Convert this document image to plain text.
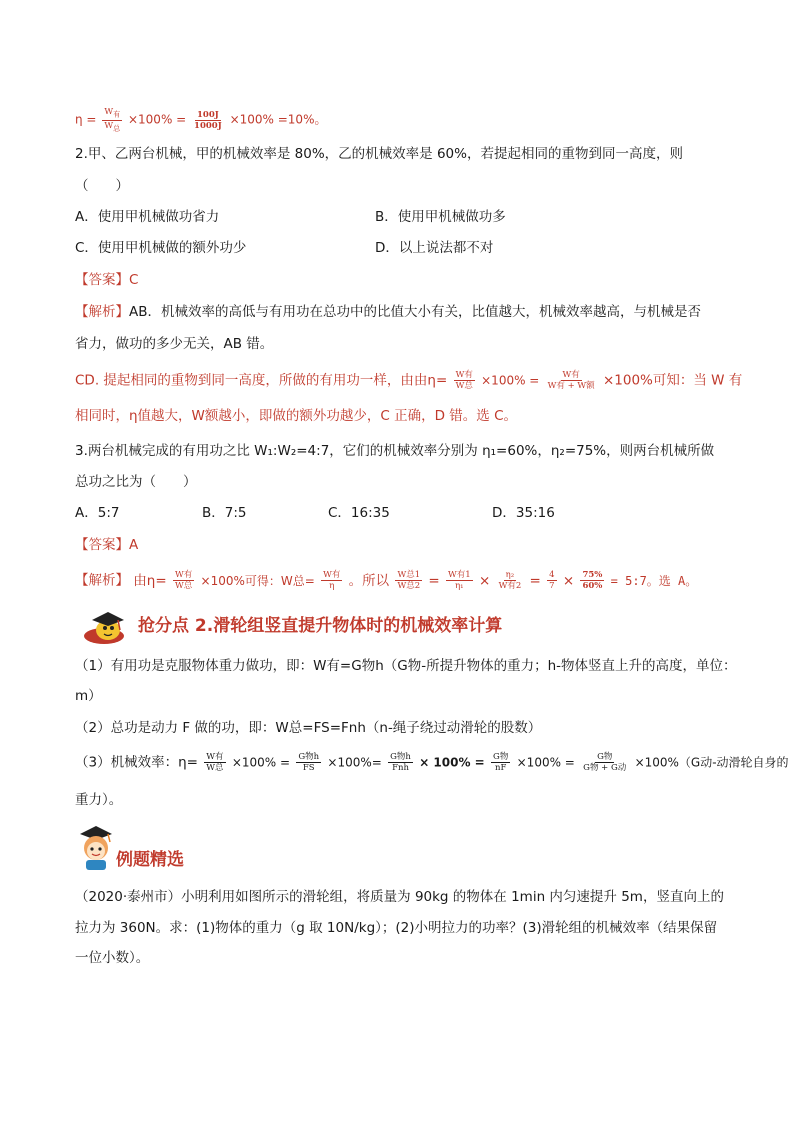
$\eta = \frac{W_有}{W_总} \times 100\% = \frac{100J}{1000J} \times 100\% =10\%$。
2.甲、乙两台机械，甲的机械效率是 80%，乙的机械效率是 60%，若提起相同的重物到同一高度，则
（　　）
A．使用甲机械做功省力	B．使用甲机械做功多
C．使用甲机械做的额外功少	D．以上说法都不对
【答案】C
【解析】AB．机械效率的高低与有用功在总功中的比值大小有关，比值越大，机械效率越高，与机械是否
省力，做功的多少无关，AB 错。
CD. 提起相同的重物到同一高度，所做的有用功一样，由由$\eta= \frac{\text{W有}}{\text{W总}} \times 100\% = \frac{\text{W有}}{\text{W有 + W额}} \times 100\%$可知：当 W 有
相同时，η值越大，W额越小，即做的额外功越少，C 正确，D 错。选 C。
3.两台机械完成的有用功之比 W₁:W₂=4:7，它们的机械效率分别为 η₁=60%，η₂=75%，则两台机械所做
总功之比为（　　）
A．5:7	B．7:5	C．16:35	D．35:16
【答案】A
【解析】 由$\eta= \frac{\text{W有}}{\text{W总}} \times 100\%$可得：W总= $\frac{\text{W有}}{\eta}$ 。所以 $\frac{\text{W总1}}{\text{W总2}} = \frac{\text{W有1}}{\text{η₁}} \times \frac{\text{η₂}}{\text{W有2}} = \frac{4}{7} \times \frac{75\%}{60\%}$ = 5:7。选 A。
抢分点 2.滑轮组竖直提升物体时的机械效率计算
（1）有用功是克服物体重力做功，即：W有=G物h（G物-所提升物体的重力；h-物体竖直上升的高度，单位：
m）
（2）总功是动力 F 做的功，即：W总=FS=Fnh（n-绳子绕过动滑轮的股数）
（3）机械效率：$\eta= \frac{\text{W有}}{\text{W总}} \times 100\% = \frac{\text{G物h}}{FS} \times 100\%= \frac{\text{G物h}}{\text{Fnh}} \times 100\% = \frac{\text{G物}}{nF} \times 100\% = \frac{\text{G物}}{\text{G物 + G动}} \times 100\%(G$动-动滑轮自身的
重力）。
例题精选
（2020·泰州市）小明利用如图所示的滑轮组，将质量为 90kg 的物体在 1min 内匀速提升 5m，竖直向上的
拉力为 360N。求：(1)物体的重力（g 取 10N/kg）；(2)小明拉力的功率？(3)滑轮组的机械效率（结果保留
一位小数）。
